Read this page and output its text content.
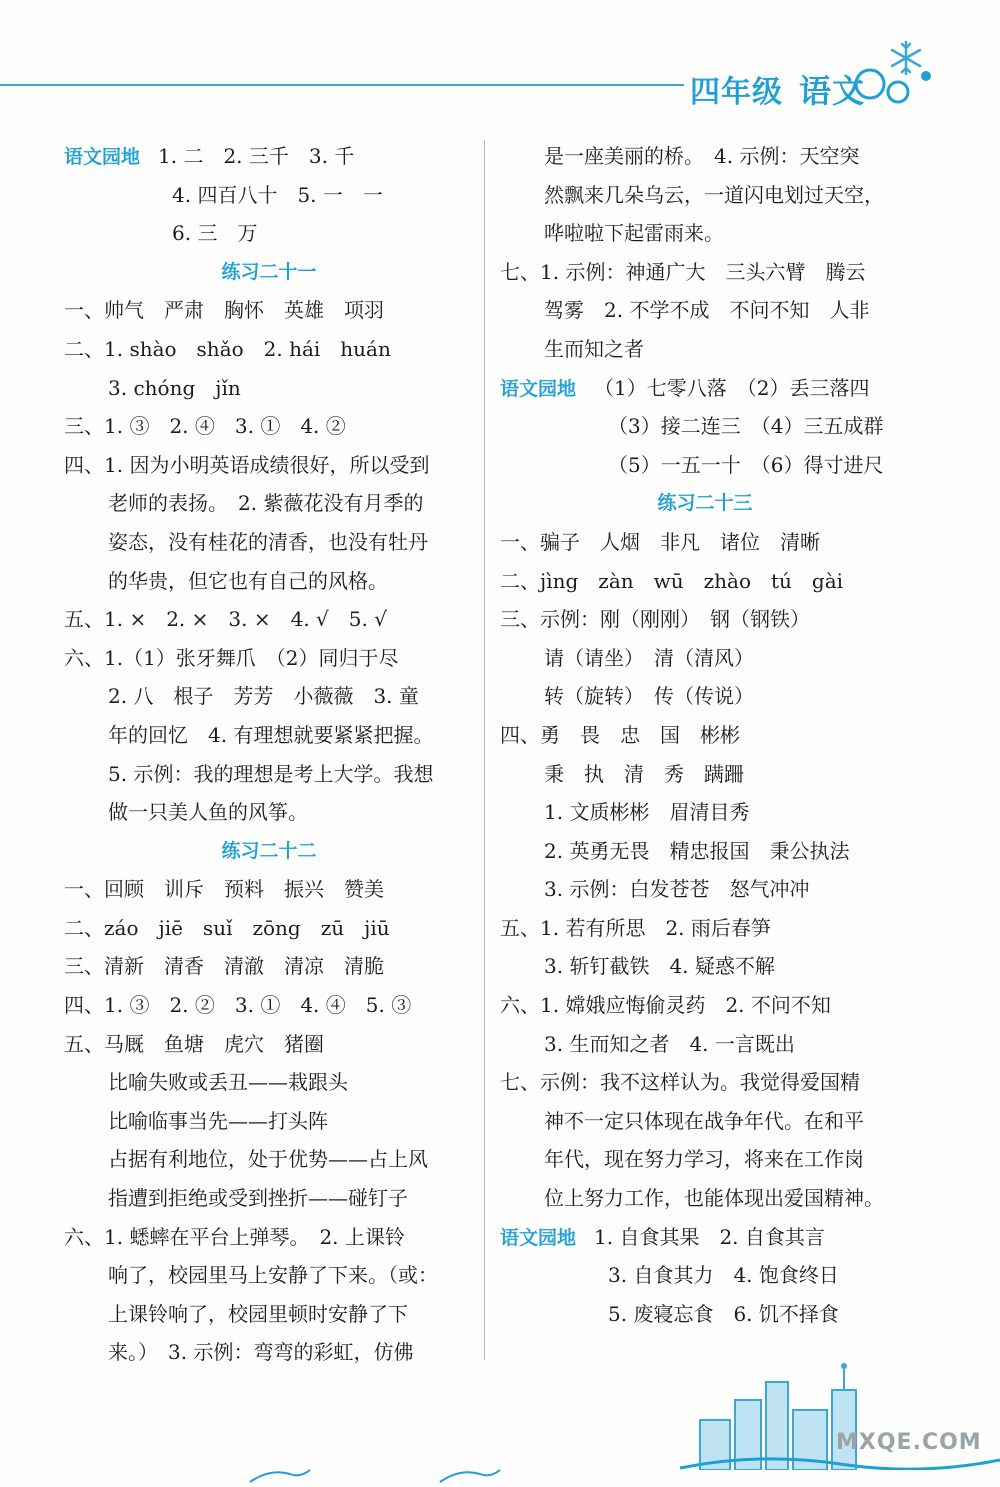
四年级 语文
语文园地 1. 二　2. 三千　3. 千
4. 四百八十　5. 一　一
6. 三　万
练习二十一
一、帅气　严肃　胸怀　英雄　项羽
二、1. shào　shǎo　2. hái　huán
3. chóng　jǐn
三、1. ③　2. ④　3. ①　4. ②
四、1. 因为小明英语成绩很好，所以受到
老师的表扬。　2. 紫薇花没有月季的
姿态，没有桂花的清香，也没有牡丹
的华贵，但它也有自己的风格。
五、1. ×　2. ×　3. ×　4. √　5. √
六、1.（1）张牙舞爪　（2）同归于尽
2. 八　根子　芳芳　小薇薇　3. 童
年的回忆　4. 有理想就要紧紧把握。
5. 示例：我的理想是考上大学。我想
做一只美人鱼的风筝。
练习二十二
一、回顾　训斥　预料　振兴　赞美
二、záo　jiē　suǐ　zōng　zū　jiū
三、清新　清香　清澈　清凉　清脆
四、1. ③　2. ②　3. ①　4. ④　5. ③
五、马厩　鱼塘　虎穴　猪圈
比喻失败或丢丑——栽跟头
比喻临事当先——打头阵
占据有利地位，处于优势——占上风
指遭到拒绝或受到挫折——碰钉子
六、1. 蟋蟀在平台上弹琴。　2. 上课铃
响了，校园里马上安静了下来。（或：
上课铃响了，校园里顿时安静了下
来。）　3. 示例：弯弯的彩虹，仿佛
是一座美丽的桥。　4. 示例：天空突
然飘来几朵乌云，一道闪电划过天空，
哗啦啦下起雷雨来。
七、1. 示例：神通广大　三头六臂　腾云
驾雾　2. 不学不成　不问不知　人非
生而知之者
语文园地 （1）七零八落　（2）丢三落四
（3）接二连三　（4）三五成群
（5）一五一十　（6）得寸进尺
练习二十三
一、骗子　人烟　非凡　诸位　清晰
二、jìng　zàn　wū　zhào　tú　gài
三、示例：刚（刚刚）　钢（钢铁）
请（请坐）　清（清风）
转（旋转）　传（传说）
四、勇　畏　忠　国　彬彬
秉　执　清　秀　蹒跚
1. 文质彬彬　眉清目秀
2. 英勇无畏　精忠报国　秉公执法
3. 示例：白发苍苍　怒气冲冲
五、1. 若有所思　2. 雨后春笋
3. 斩钉截铁　4. 疑惑不解
六、1. 嫦娥应悔偷灵药　2. 不问不知
3. 生而知之者　4. 一言既出
七、示例：我不这样认为。我觉得爱国精
神不一定只体现在战争年代。在和平
年代，现在努力学习，将来在工作岗
位上努力工作，也能体现出爱国精神。
语文园地 1. 自食其果　2. 自食其言
3. 自食其力　4. 饱食终日
5. 废寝忘食　6. 饥不择食
MXQE.COM
